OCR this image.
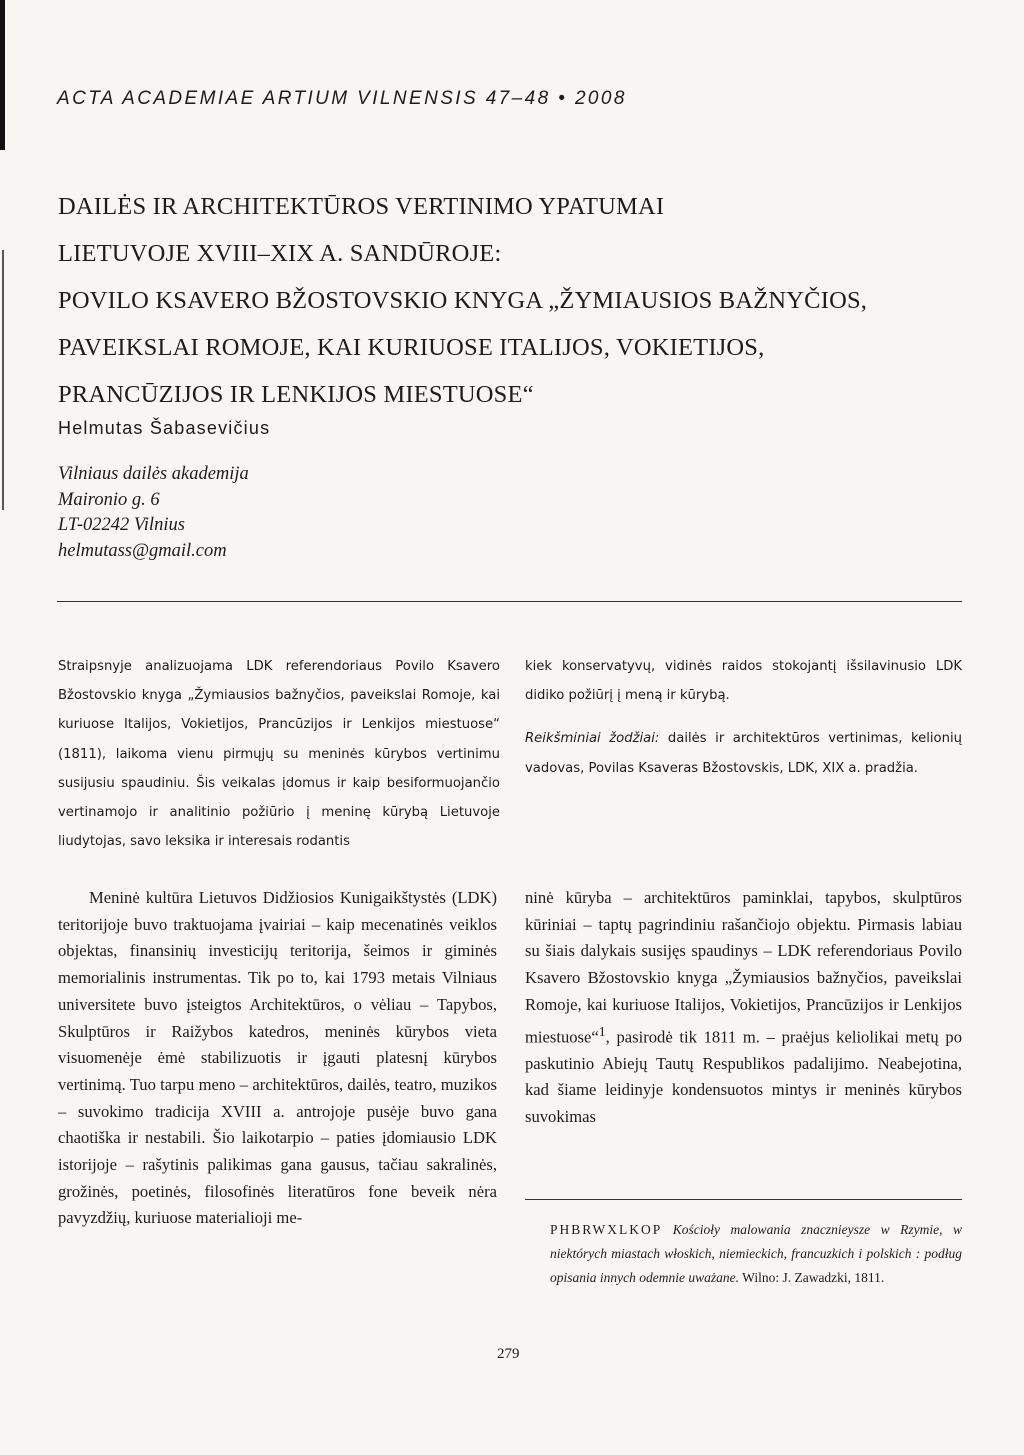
ACTA ACADEMIAE ARTIUM VILNENSIS 47–48 • 2008
DAILĖS IR ARCHITEKTŪROS VERTINIMO YPATUMAI
LIETUVOJE XVIII–XIX A. SANDŪROJE:
POVILO KSAVERO BŽOSTOVSKIO KNYGA „ŽYMIAUSIOS BAŽNYČIOS,
PAVEIKSLAI ROMOJE, KAI KURIUOSE ITALIJOS, VOKIETIJOS,
PRANCŪZIJOS IR LENKIJOS MIESTUOSE“
Helmutas Šabasevičius
Vilniaus dailės akademija
Maironio g. 6
LT-02242 Vilnius
helmutass@gmail.com
Straipsnyje analizuojama LDK referendoriaus Povilo Ksavero Bžostovskio knyga „Žymiausios bažnyčios, paveikslai Romoje, kai kuriuose Italijos, Vokietijos, Prancūzijos ir Lenkijos miestuose“ (1811), laikoma vienu pirmųjų su meninės kūrybos vertinimu susijusiu spaudiniu. Šis veikalas įdomus ir kaip besiformuojančio vertinamojo ir analitinio požiūrio į meninę kūrybą Lietuvoje liudytojas, savo leksika ir interesais rodantis

kiek konservatyvų, vidinės raidos stokojantį išsilavinusio LDK didiko požiūrį į meną ir kūrybą.

Reikšminiai žodžiai: dailės ir architektūros vertinimas, kelionių vadovas, Povilas Ksaveras Bžostovskis, LDK, XIX a. pradžia.

Meninė kultūra Lietuvos Didžiosios Kunigaikštystės (LDK) teritorijoje buvo traktuojama įvairiai – kaip mecenatinės veiklos objektas, finansinių investicijų teritorija, šeimos ir giminės memorialinis instrumentas. Tik po to, kai 1793 metais Vilniaus universitete buvo įsteigtos Architektūros, o vėliau – Tapybos, Skulptūros ir Raižybos katedros, meninės kūrybos vieta visuomenėje ėmė stabilizuotis ir įgauti platesnį kūrybos vertinimą. Tuo tarpu meno – architektūros, dailės, teatro, muzikos – suvokimo tradicija XVIII a. antrojoje pusėje buvo gana chaotiška ir nestabili. Šio laikotarpio – paties įdomiausio LDK istorijoje – rašytinis palikimas gana gausus, tačiau sakralinės, grožinės, poetinės, filosofinės literatūros fone beveik nėra pavyzdžių, kuriuose materialioji me-
ninė kūryba – architektūros paminklai, tapybos, skulptūros kūriniai – taptų pagrindiniu rašančiojo objektu. Pirmasis labiau su šiais dalykais susijęs spaudinys – LDK referendoriaus Povilo Ksavero Bžostovskio knyga „Žymiausios bažnyčios, paveikslai Romoje, kai kuriuose Italijos, Vokietijos, Prancūzijos ir Lenkijos miestuose“$^1$, pasirodė tik 1811 m. – praėjus keliolikai metų po paskutinio Abiejų Tautų Respublikos padalijimo. Neabejotina, kad šiame leidinyje kondensuotos mintys ir meninės kūrybos suvokimas
PHBRWXLKOP Kościoły malowania znacznieysze w Rzymie, w niektórych miastach włoskich, niemieckich, francuzkich i polskich : podług opisania innych odemnie uważane. Wilno: J. Zawadzki, 1811.
279
